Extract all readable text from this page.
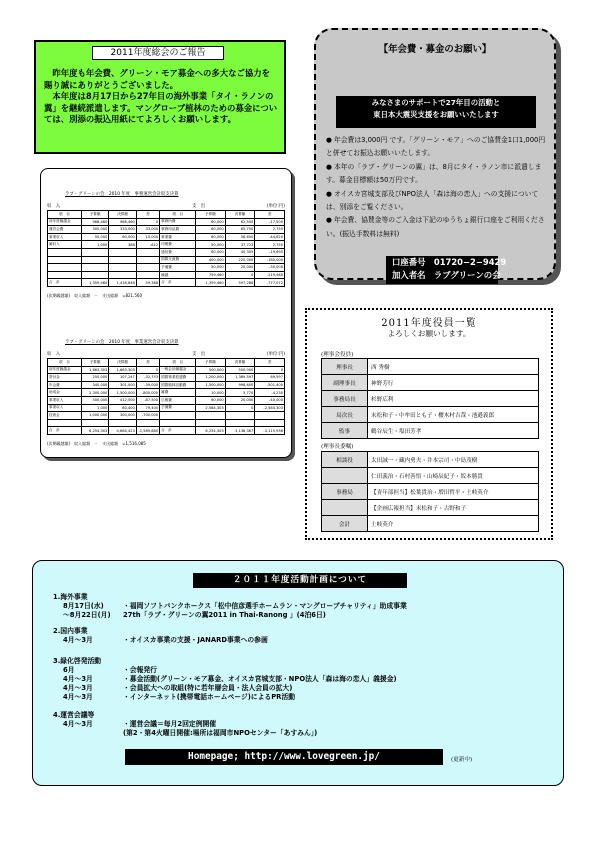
2011年度総会のご報告

　昨年度も年会費、グリーン・モア募金への多大なご協力を賜り誠にありがとうございました。
　本年度は8月17日から27年目の海外事業「タイ・ラノンの翼」を継続派遣します。マングローブ植林のための募金については、別添の振込用紙にてよろしくお願いします。

【年会費・募金のお願い】
みなさまのサポートで27年目の活動と
東日本大震災支援をお願いいたします
● 年会費は3,000円 です。「グリーン・モア」へのご協賛金1口1,000円と併せてお振込お願いいたします。
● 本年の「ラブ・グリーンの翼」は、8月にタイ・ラノン市に派遣します。募金目標額は50万円です。
● オイスカ宮城支部及びNPO法人「森は海の恋人」への支援については、別添をご覧ください。
● 年会費、協賛金等のご入金は下記のゆうちょ銀行口座をご利用ください。(振込手数料は無料)
口座番号　01720−2−9429
加入者名　ラブグリーンの会
ラブ・グリーンの会　2010 年度　事務運営会計収支決算
収　入	支　出	(単位:円)
項　目	予算額	決算額	差	項　目	予算額	決算額	差
前年度繰越金	968,460	968,460	0	事務所費	60,000	62,500	-17,500
運営会費	300,000	333,000	33,000	事務用品費	60,000	65,750	2,750
事業収入	50,000	60,000	10,000	事業費	80,000	58,650	-44,620
雑収入	1,000	388	-612	印刷費	50,000	37,723	2,750
				通信費	60,000	40,305	-19,695
				国際交流費	400,000	220,000	-180,000
				予備費	50,000	20,000	-30,000
				繰越	759,460	0	-219,460
合　計	1,359,460	1,418,848	59,388	合　計	1,359,460	597,288	-777,072
(次期繰越額)　収入総額　－　支出総額　=821,560
ラブ・グリーンの会　2010 年度　事業運営会計収支決算
収　入	支　出	(単位:円)
項　目	予算額	決算額	差	項　目	予算額	決算額	差
前年度繰越金	1,663,303	1,663,303	0	一般会計繰越金	500,000	500,000	0
寄付金	250,000	107,247	-32,753	国際事業派遣費	1,200,000	1,369,597	69,597
年会費	340,000	301,000	-39,000	国際植林活動費	1,500,000	998,600	-501,400
助成金	2,300,000	1,500,000	-800,000	雑費	10,000	5,770	-4,230
事業収入	500,000	412,500	-87,500	広報費	60,000	20,000	-40,000
事業収入	1,000	80,400	79,400	予備費	2,584,303	0	-2,584,303
技術会	1,000,000	300,000	-700,000				

合　計	6,254,303	4,664,423	-1,589,880	合　計	6,254,303	3,138,367	-3,115,936
(次期繰越額)　収入総額　－　支出総額　=1,516,085
2011年度役員一覧
よろしくお願いします。
(理事会役員)
理事長	西 秀樹
副理事長	神野芳行
事務局長	杉野広利
局次長	末松和子・中牟田とも子・櫻木村吉哉・池邉義郎
監事	鶴谷辰生・塩田芳孝
(理事長委嘱)
相談役	太田誠一・藏内勇夫・井本宗司・中島茂樹
	仁田義治・石村善悟・山崎辰紀子・坂本勝貴
事務局	【青年部担当】松葉貴治・増田哲平・土岐英介
	【企画広報担当】末松和子・古野和子
会計	土岐英介
２０１１年度活動計画について
1.海外事業
8月17日(水)	・福岡ソフトバンクホークス「松中信彦選手ホームラン・マングローブチャリティ」助成事業
～8月22日(月)	27th「ラブ・グリーンの翼2011 in Thai-Ranong 」(4泊6日)
2.国内事業
4月～3月	・オイスカ事業の支援・JANARD事業への参画
3.緑化啓発活動
6月	・会報発行
4月～3月	・募金活動(グリーン・モア募金、オイスカ宮城支部・NPO法人「森は海の恋人」義援金)
4月～3月	・会員拡大への取組(特に若年層会員・法人会員の拡大)
4月～3月	・インターネット(携帯電話ホームページ)によるPR活動
4.運営会議等
4月～3月	・運営会議＝毎月2回定例開催
(第2・第4火曜日開催:場所は福岡市NPOセンター「あすみん」)
Homepage; http://www.lovegreen.jp/	(更新中)
